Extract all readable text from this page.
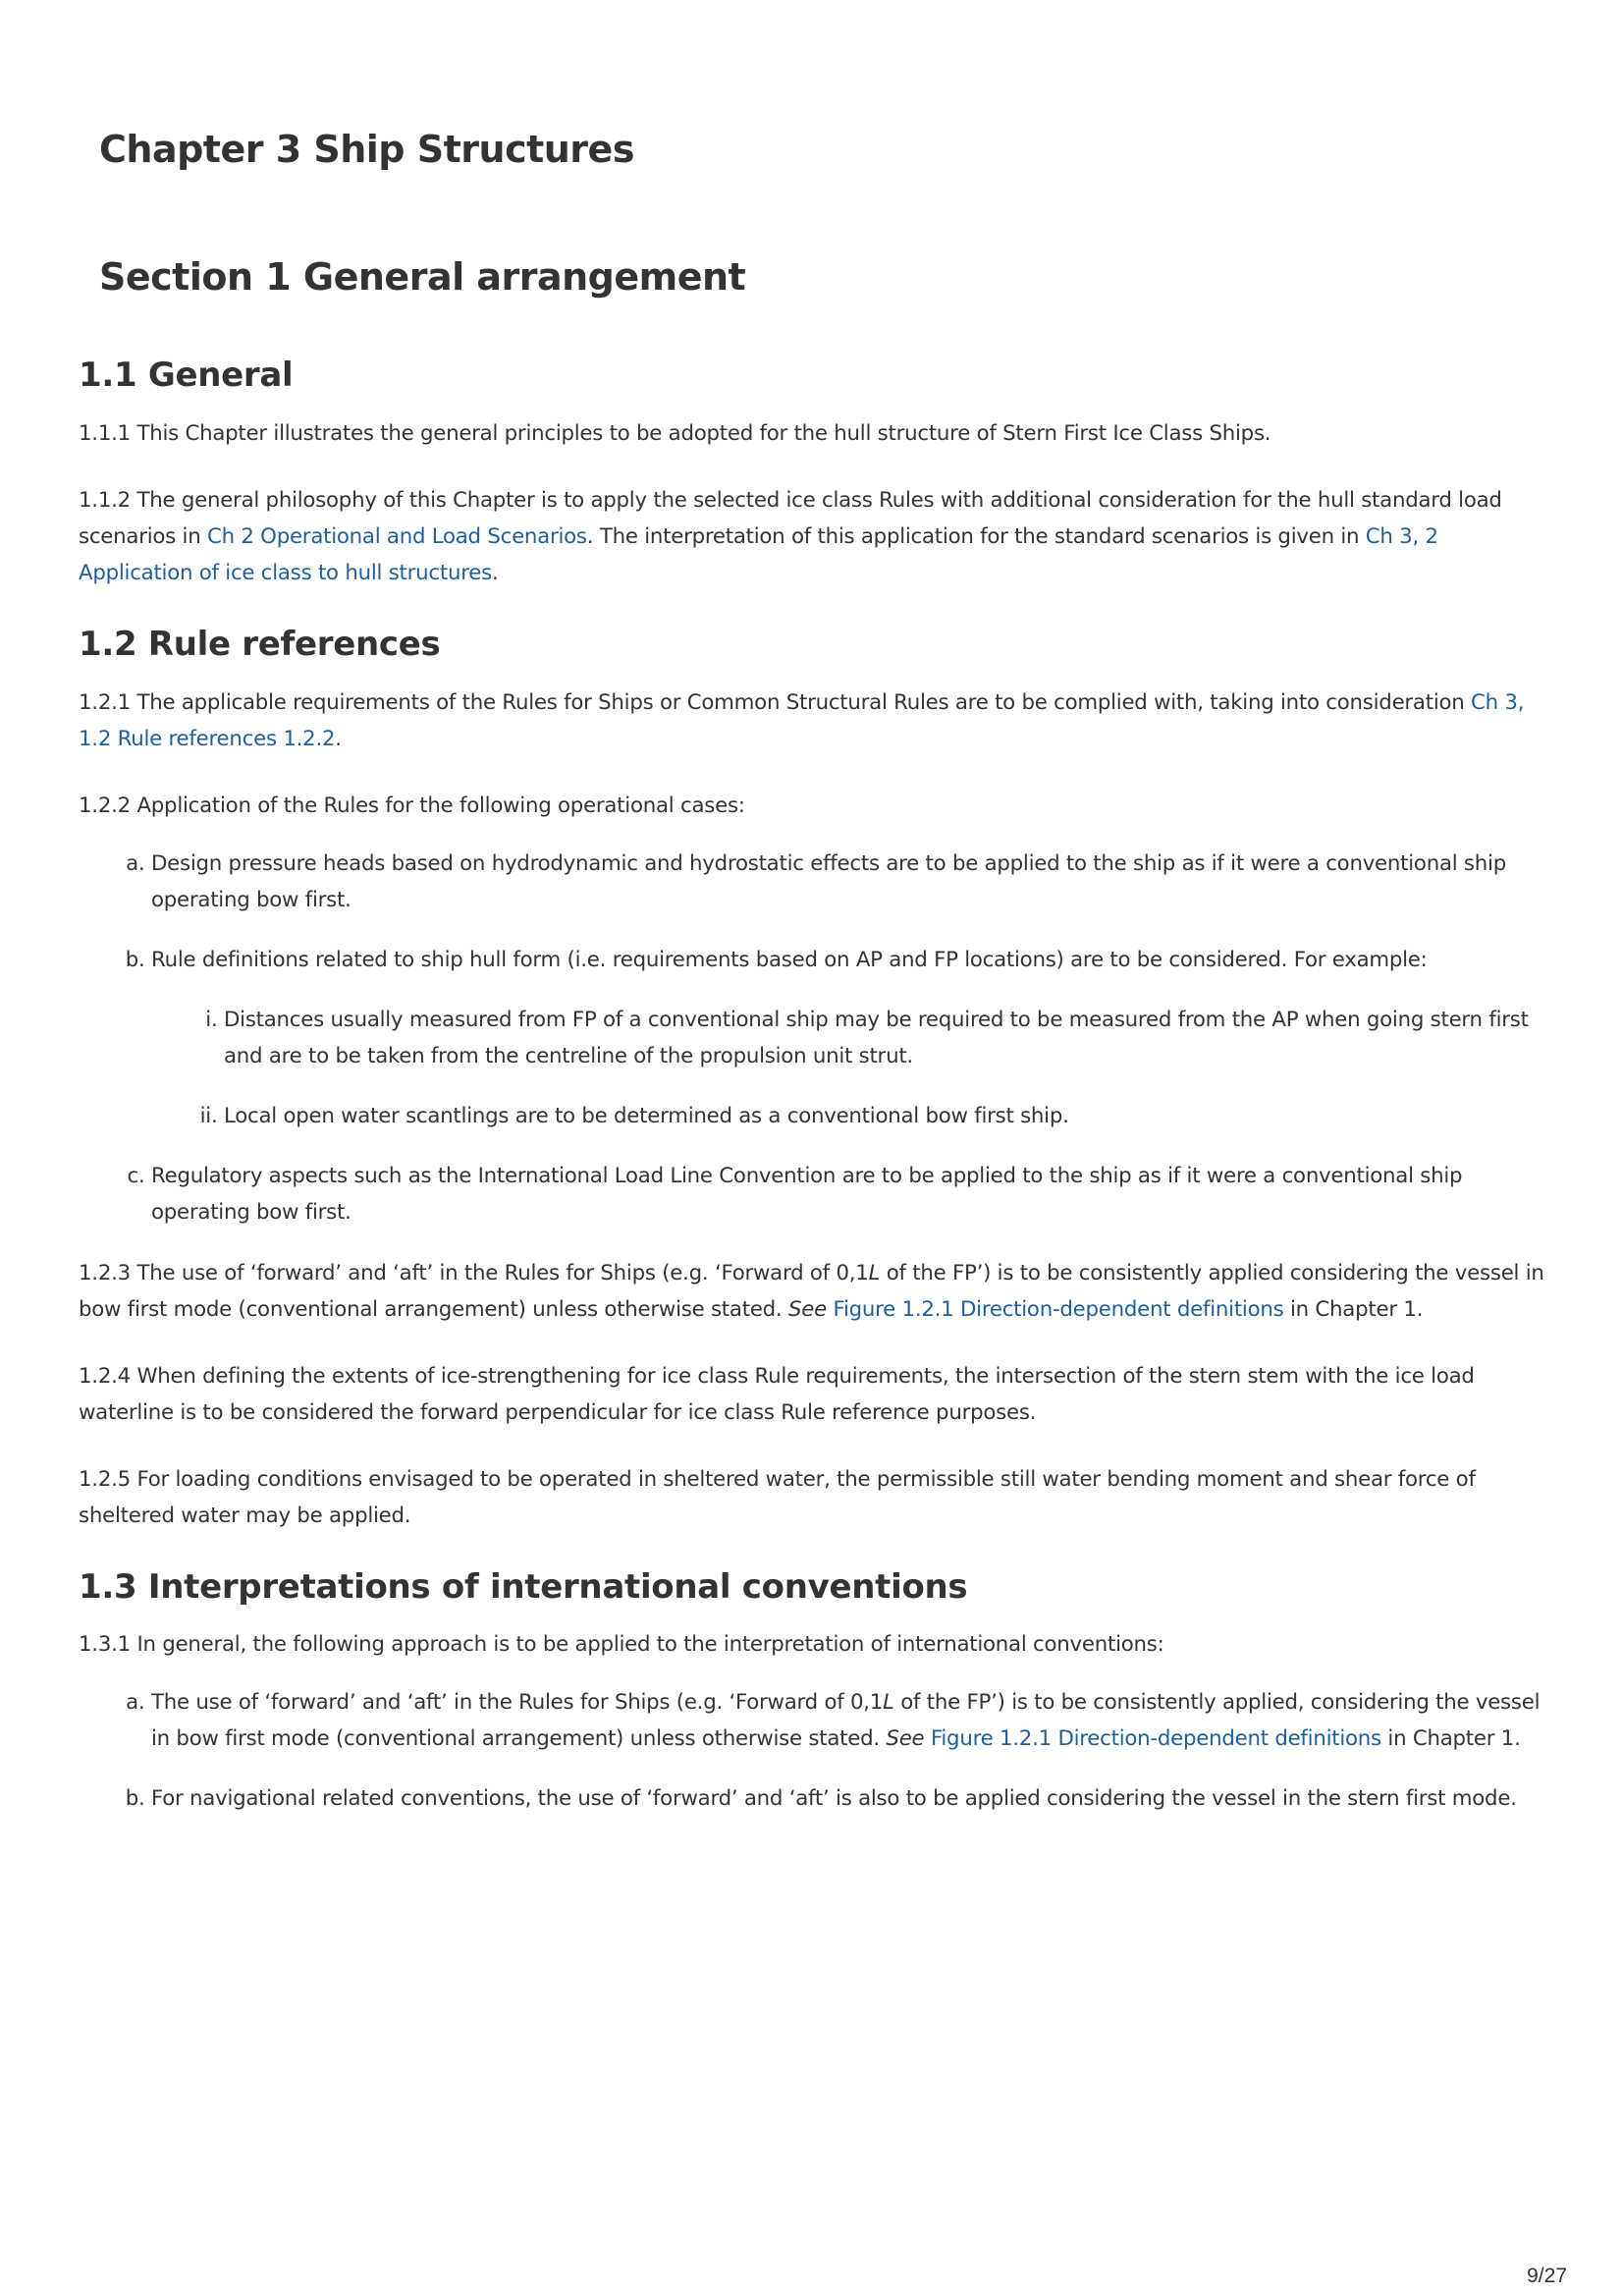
Chapter 3 Ship Structures
Section 1 General arrangement
1.1 General

1.1.1 This Chapter illustrates the general principles to be adopted for the hull structure of Stern First Ice Class Ships.

1.1.2 The general philosophy of this Chapter is to apply the selected ice class Rules with additional consideration for the hull standard load scenarios in Ch 2 Operational and Load Scenarios. The interpretation of this application for the standard scenarios is given in Ch 3, 2 Application of ice class to hull structures.

1.2 Rule references

1.2.1 The applicable requirements of the Rules for Ships or Common Structural Rules are to be complied with, taking into consideration Ch 3, 1.2 Rule references 1.2.2.

1.2.2 Application of the Rules for the following operational cases:

a. Design pressure heads based on hydrodynamic and hydrostatic effects are to be applied to the ship as if it were a conventional ship operating bow first.
b. Rule definitions related to ship hull form (i.e. requirements based on AP and FP locations) are to be considered. For example:
i. Distances usually measured from FP of a conventional ship may be required to be measured from the AP when going stern first and are to be taken from the centreline of the propulsion unit strut.
ii. Local open water scantlings are to be determined as a conventional bow first ship.
c. Regulatory aspects such as the International Load Line Convention are to be applied to the ship as if it were a conventional ship operating bow first.

1.2.3 The use of ‘forward’ and ‘aft’ in the Rules for Ships (e.g. ‘Forward of 0,1L of the FP’) is to be consistently applied considering the vessel in bow first mode (conventional arrangement) unless otherwise stated. See Figure 1.2.1 Direction-dependent definitions in Chapter 1.

1.2.4 When defining the extents of ice-strengthening for ice class Rule requirements, the intersection of the stern stem with the ice load waterline is to be considered the forward perpendicular for ice class Rule reference purposes.

1.2.5 For loading conditions envisaged to be operated in sheltered water, the permissible still water bending moment and shear force of sheltered water may be applied.

1.3 Interpretations of international conventions

1.3.1 In general, the following approach is to be applied to the interpretation of international conventions:

a. The use of ‘forward’ and ‘aft’ in the Rules for Ships (e.g. ‘Forward of 0,1L of the FP’) is to be consistently applied, considering the vessel in bow first mode (conventional arrangement) unless otherwise stated. See Figure 1.2.1 Direction-dependent definitions in Chapter 1.
b. For navigational related conventions, the use of ‘forward’ and ‘aft’ is also to be applied considering the vessel in the stern first mode.
9/27
